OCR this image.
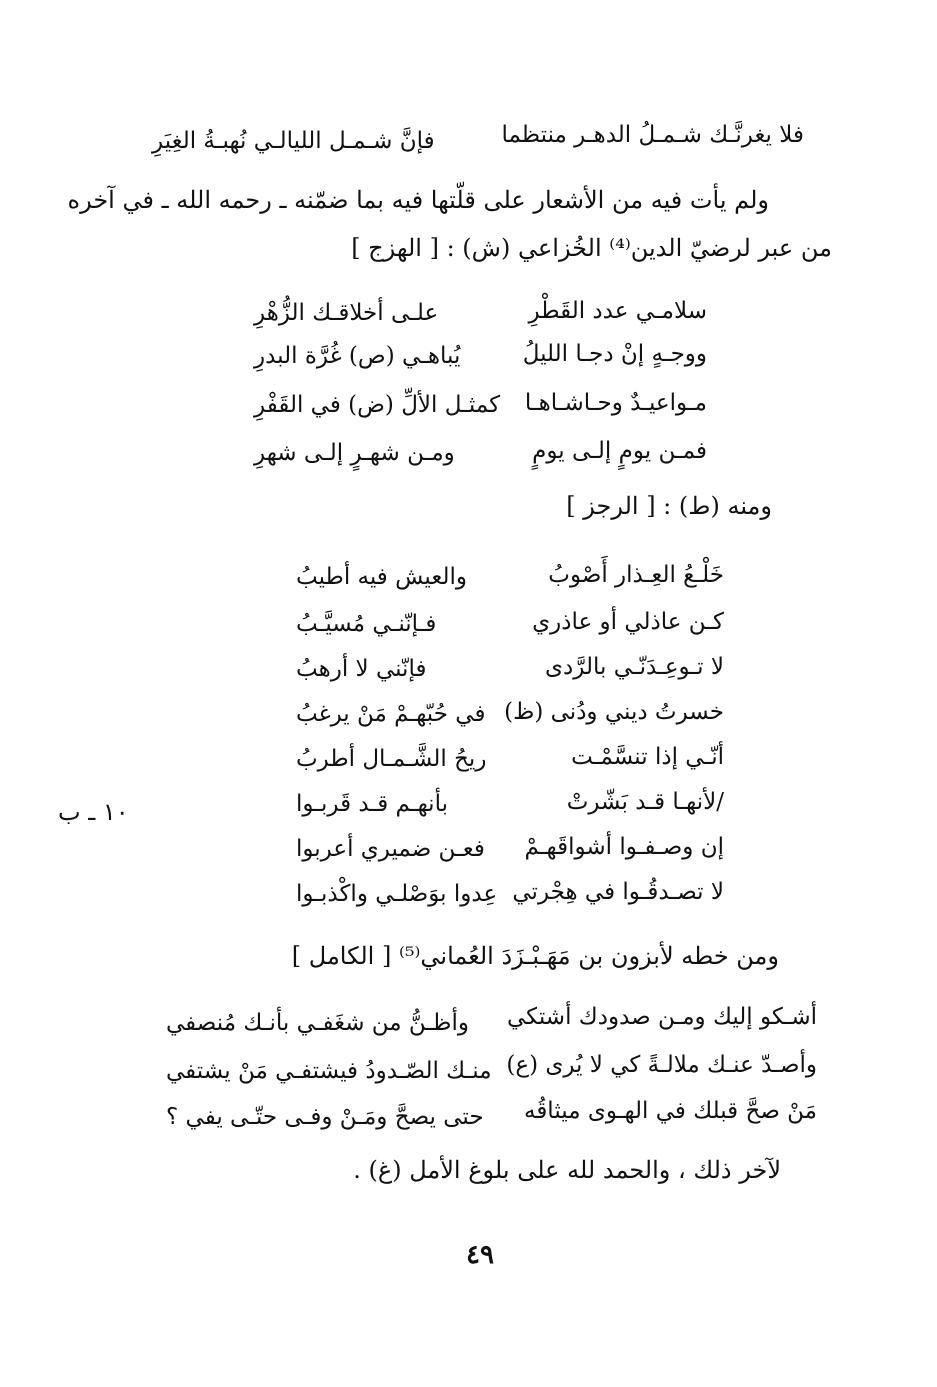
فلا يغرنَّـك شـمـلُ الدهـر منتظما
فإنَّ شـمـل الليالـي نُهبـةُ الغِيَرِ
ولم يأت فيه من الأشعار على قلّتها فيه بما ضمّنه ـ رحمه الله ـ في آخره
من عبر لرضيّ الدين⁽⁴⁾ الخُزاعي (ش) : [ الهزج ]
سلامـي عدد القَطْرِ
علـى أخلاقـك الزُّهْرِ
ووجـهٍ إنْ دجـا الليلُ
يُباهـي (ص) غُرَّة البدرِ
مـواعيـدٌ وحـاشـاهـا
كمثـل الألِّ (ض) في القَفْرِ
فمـن يومٍ إلـى يومٍ
ومـن شهـرٍ إلـى شهرِ
ومنه (ط) : [ الرجز ]
خَلْـعُ العِـذار أَصْوبُ
والعيش فيه أطيبُ
كـن عاذلي أو عاذري
فـإنّنـي مُسيَّـبُ
لا تـوعِـدَنّـي بالرَّدى
فإنّني لا أرهبُ
خسرتُ ديني ودُنى (ظ)
في حُبّهـمْ مَنْ يرغبُ
أنّـي إذا تنسَّمْـت
ريحُ الشَّـمـال أطربُ
/لأنهـا قـد بَشّرتْ
بأنهـم قـد قَربـوا
إن وصـفـوا أشواقَهـمْ
فعـن ضميري أعربوا
لا تصـدقُـوا في هِجْرتي
عِدوا بوَصْلـي واكْذبـوا
١٠ ـ ب
ومن خطه لأبزون بن مَهَـبْـزَدَ العُماني⁽⁵⁾ [ الكامل ]
أشـكو إليك ومـن صدودك أشتكي
وأظـنُّ من شغَفـي بأنـك مُنصفي
وأصـدّ عنـك ملالـةً كي لا يُرى (ع)
منـك الصّـدودُ فيشتفـي مَنْ يشتفي
مَنْ صحَّ قبلك في الهـوى ميثاقُه
حتى يصحَّ ومَـنْ وفـى حتّـى يفي ؟
لآخر ذلك ، والحمد لله على بلوغ الأمل (غ) .
٤٩
